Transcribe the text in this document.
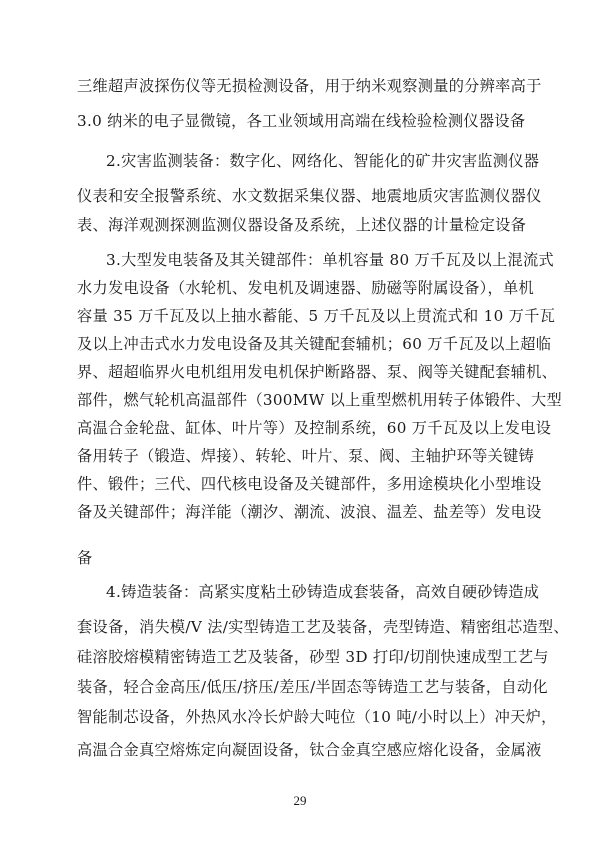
29
三维超声波探伤仪等无损检测设备，用于纳米观察测量的分辨率高于
3.0 纳米的电子显微镜，各工业领域用高端在线检验检测仪器设备
2.灾害监测装备：数字化、网络化、智能化的矿井灾害监测仪器
仪表和安全报警系统、水文数据采集仪器、地震地质灾害监测仪器仪
表、海洋观测探测监测仪器设备及系统，上述仪器的计量检定设备
3.大型发电装备及其关键部件：单机容量 80 万千瓦及以上混流式
水力发电设备（水轮机、发电机及调速器、励磁等附属设备），单机
容量 35 万千瓦及以上抽水蓄能、5 万千瓦及以上贯流式和 10 万千瓦
及以上冲击式水力发电设备及其关键配套辅机；60 万千瓦及以上超临
界、超超临界火电机组用发电机保护断路器、泵、阀等关键配套辅机、
部件，燃气轮机高温部件（300MW 以上重型燃机用转子体锻件、大型
高温合金轮盘、缸体、叶片等）及控制系统，60 万千瓦及以上发电设
备用转子（锻造、焊接）、转轮、叶片、泵、阀、主轴护环等关键铸
件、锻件；三代、四代核电设备及关键部件，多用途模块化小型堆设
备及关键部件；海洋能（潮汐、潮流、波浪、温差、盐差等）发电设
备
4.铸造装备：高紧实度粘土砂铸造成套装备，高效自硬砂铸造成
套设备，消失模/V 法/实型铸造工艺及装备，壳型铸造、精密组芯造型、
硅溶胶熔模精密铸造工艺及装备，砂型 3D 打印/切削快速成型工艺与
装备，轻合金高压/低压/挤压/差压/半固态等铸造工艺与装备，自动化
智能制芯设备，外热风水冷长炉龄大吨位（10 吨/小时以上）冲天炉，
高温合金真空熔炼定向凝固设备，钛合金真空感应熔化设备，金属液
